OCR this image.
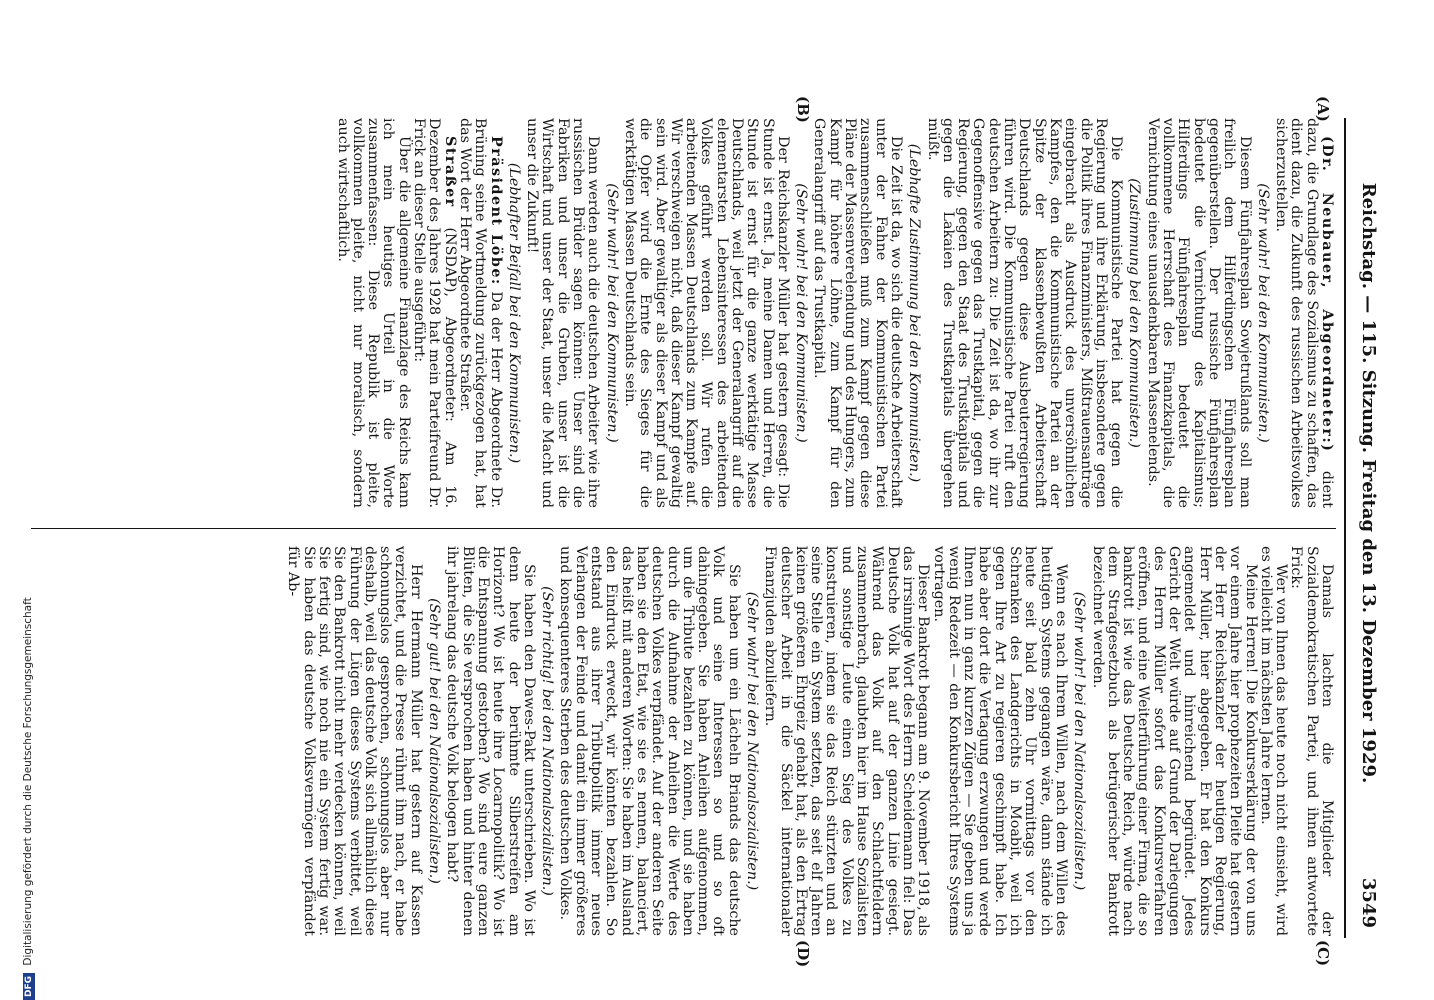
Reichstag. — 115. Sitzung. Freitag den 13. Dezember 1929.
3549
(A)
(B)
(C)
(D)

(Dr. Neubauer, Abgeordneter:) dient dazu, die Grundlage des Sozialismus zu schaffen, das dient dazu, die Zukunft des russischen Arbeitsvolkes sicherzustellen.

(Sehr wahr! bei den Kommunisten.)

Diesem Fünfjahresplan Sowjetrußlands soll man freilich dem Hilferdingschen Fünfjahresplan gegenüberstellen. Der russische Fünfjahresplan bedeutet die Vernichtung des Kapitalismus; Hilferdings Fünfjahresplan bedeutet die vollkommene Herrschaft des Finanzkapitals, die Vernichtung eines unausdenkbaren Massenelends.

(Zustimmung bei den Kommunisten.)

Die Kommunistische Partei hat gegen die Regierung und ihre Erklärung, insbesondere gegen die Politik ihres Finanzministers, Mißtrauensanträge eingebracht als Ausdruck des unversöhnlichen Kampfes, den die Kommunistische Partei an der Spitze der klassenbewußten Arbeiterschaft Deutschlands gegen diese Ausbeuterregierung führen wird. Die Kommunistische Partei ruft den deutschen Arbeitern zu: Die Zeit ist da, wo ihr zur Gegenoffensive gegen das Trustkapital, gegen die Regierung, gegen den Staat des Trustkapitals und gegen die Lakaien des Trustkapitals übergehen müßt.

(Lebhafte Zustimmung bei den Kommunisten.)

Die Zeit ist da, wo sich die deutsche Arbeiterschaft unter der Fahne der Kommunistischen Partei zusammenschließen muß zum Kampf gegen diese Pläne der Massenverelendung und des Hungers, zum Kampf für höhere Löhne, zum Kampf für den Generalangriff auf das Trustkapital.

(Sehr wahr! bei den Kommunisten.)

Der Reichskanzler Müller hat gestern gesagt: Die Stunde ist ernst. Ja, meine Damen und Herren, die Stunde ist ernst für die ganze werktätige Masse Deutschlands, weil jetzt der Generalangriff auf die elementarsten Lebensinteressen des arbeitenden Volkes geführt werden soll. Wir rufen die arbeitenden Massen Deutschlands zum Kampfe auf. Wir verschweigen nicht, daß dieser Kampf gewaltig sein wird. Aber gewaltiger als dieser Kampf und als die Opfer wird die Ernte des Sieges für die werktätigen Massen Deutschlands sein.

(Sehr wahr! bei den Kommunisten.)

Dann werden auch die deutschen Arbeiter wie ihre russischen Brüder sagen können: Unser sind die Fabriken und unser die Gruben, unser ist die Wirtschaft und unser der Staat, unser die Macht und unser die Zukunft!

(Lebhafter Beifall bei den Kommunisten.)

Präsident Löbe: Da der Herr Abgeordnete Dr. Brüning seine Wortmeldung zurückgezogen hat, hat das Wort der Herr Abgeordnete Straßer.

Straßer (NSDAP), Abgeordneter: Am 16. Dezember des Jahres 1928 hat mein Parteifreund Dr. Frick an dieser Stelle ausgeführt:

Über die allgemeine Finanzlage des Reichs kann ich mein heutiges Urteil in die Worte zusammenfassen: Diese Republik ist pleite, vollkommen pleite, nicht nur moralisch, sondern auch wirtschaftlich.

Damals lachten die Mitglieder der Sozialdemokratischen Partei, und ihnen antwortete Frick:

Wer von Ihnen das heute noch nicht einsieht, wird es vielleicht im nächsten Jahre lernen.

Meine Herren! Die Konkurserklärung der von uns vor einem Jahre hier prophezeiten Pleite hat gestern der Herr Reichskanzler der heutigen Regierung, Herr Müller, hier abgegeben. Er hat den Konkurs angemeldet und hinreichend begründet. Jedes Gericht der Welt würde auf Grund der Darlegungen des Herrn Müller sofort das Konkursverfahren eröffnen, und eine Weiterführung einer Firma, die so bankrott ist wie das Deutsche Reich, würde nach dem Strafgesetzbuch als betrügerischer Bankrott bezeichnet werden.

(Sehr wahr! bei den Nationalsozialisten.)

Wenn es nach Ihrem Willen, nach dem Willen des heutigen Systems gegangen wäre, dann stände ich heute seit bald zehn Uhr vormittags vor den Schranken des Landgerichts in Moabit, weil ich gegen Ihre Art zu regieren geschimpft habe. Ich habe aber dort die Vertagung erzwungen und werde Ihnen nun in ganz kurzen Zügen — Sie geben uns ja wenig Redezeit — den Konkursbericht Ihres Systems vortragen.

Dieser Bankrott begann am 9. November 1918, als das irrsinnige Wort des Herrn Scheidemann fiel: Das Deutsche Volk hat auf der ganzen Linie gesiegt. Während das Volk auf den Schlachtfeldern zusammenbrach, glaubten hier im Hause Sozialisten und sonstige Leute einen Sieg des Volkes zu konstruieren, indem sie das Reich stürzten und an seine Stelle ein System setzten, das seit elf Jahren keinen größeren Ehrgeiz gehabt hat, als den Ertrag deutscher Arbeit in die Säckel internationaler Finanzjuden abzuliefern.

(Sehr wahr! bei den Nationalsozialisten.)

Sie haben um ein Lächeln Briands das deutsche Volk und seine Interessen so und so oft dahingegeben. Sie haben Anleihen aufgenommen, um die Tribute bezahlen zu können, und sie haben durch die Aufnahme der Anleihen die Werte des deutschen Volkes verpfändet. Auf der anderen Seite haben sie den Etat, wie sie es nennen, balanciert, das heißt mit anderen Worten: Sie haben im Ausland den Eindruck erweckt, wir könnten bezahlen. So entstand aus ihrer Tributpolitik immer neues Verlangen der Feinde und damit ein immer größeres und konsequenteres Sterben des deutschen Volkes.

(Sehr richtig! bei den Nationalsozialisten.)

Sie haben den Dawes-Pakt unterschrieben. Wo ist denn heute der berühmte Silberstreifen am Horizont? Wo ist heute ihre Locarnopolitik? Wo ist die Entspannung gestorben? Wo sind eure ganzen Blüten, die Sie versprochen haben und hinter denen ihr jahrelang das deutsche Volk belogen habt?

(Sehr gut! bei den Nationalsozialisten.)

Herr Hermann Müller hat gestern auf Kassen verzichtet, und die Presse rühmt ihm nach, er habe schonungslos gesprochen, schonungslos aber nur deshalb, weil das deutsche Volk sich allmählich diese Führung der Lügen dieses Systems verbittet, weil Sie den Bankrott nicht mehr verdecken können, weil Sie fertig sind, wie noch nie ein System fertig war. Sie haben das deutsche Volksvermögen verpfändet für Ab-

DFG Digitalisierung gefördert durch die Deutsche Forschungsgemeinschaft
